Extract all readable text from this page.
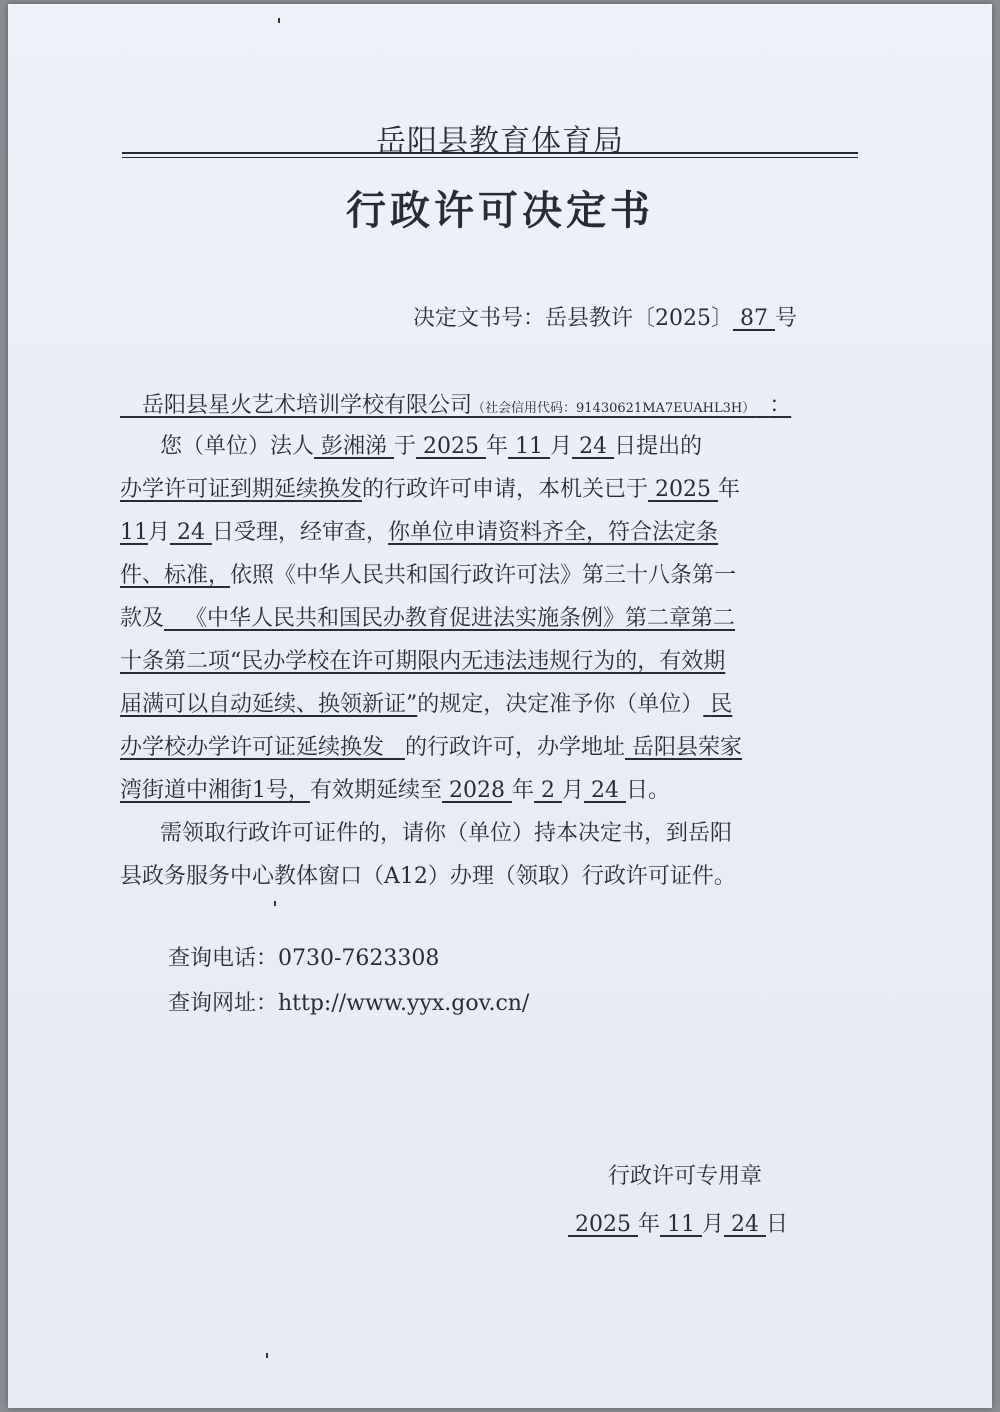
岳阳县教育体育局
行政许可决定书
决定文书号：岳县教许〔2025〕 87 号
　岳阳县星火艺术培训学校有限公司（社会信用代码：91430621MA7EUAHL3H） ：
您（单位）法人 彭湘涕 于 2025 年 11 月 24 日提出的
办学许可证到期延续换发的行政许可申请，本机关已于 2025 年
11月 24 日受理，经审查，你单位申请资料齐全，符合法定条
件、标准，依照《中华人民共和国行政许可法》第三十八条第一
款及 《中华人民共和国民办教育促进法实施条例》第二章第二
十条第二项“民办学校在许可期限内无违法违规行为的，有效期
届满可以自动延续、换领新证”的规定，决定准予你（单位） 民
办学校办学许可证延续换发 的行政许可，办学地址 岳阳县荣家
湾街道中湘街1号，有效期延续至 2028 年 2 月 24 日。
需领取行政许可证件的，请你（单位）持本决定书，到岳阳
县政务服务中心教体窗口（A12）办理（领取）行政许可证件。
查询电话：0730-7623308
查询网址：http://www.yyx.gov.cn/
行政许可专用章
2025 年 11 月 24 日
